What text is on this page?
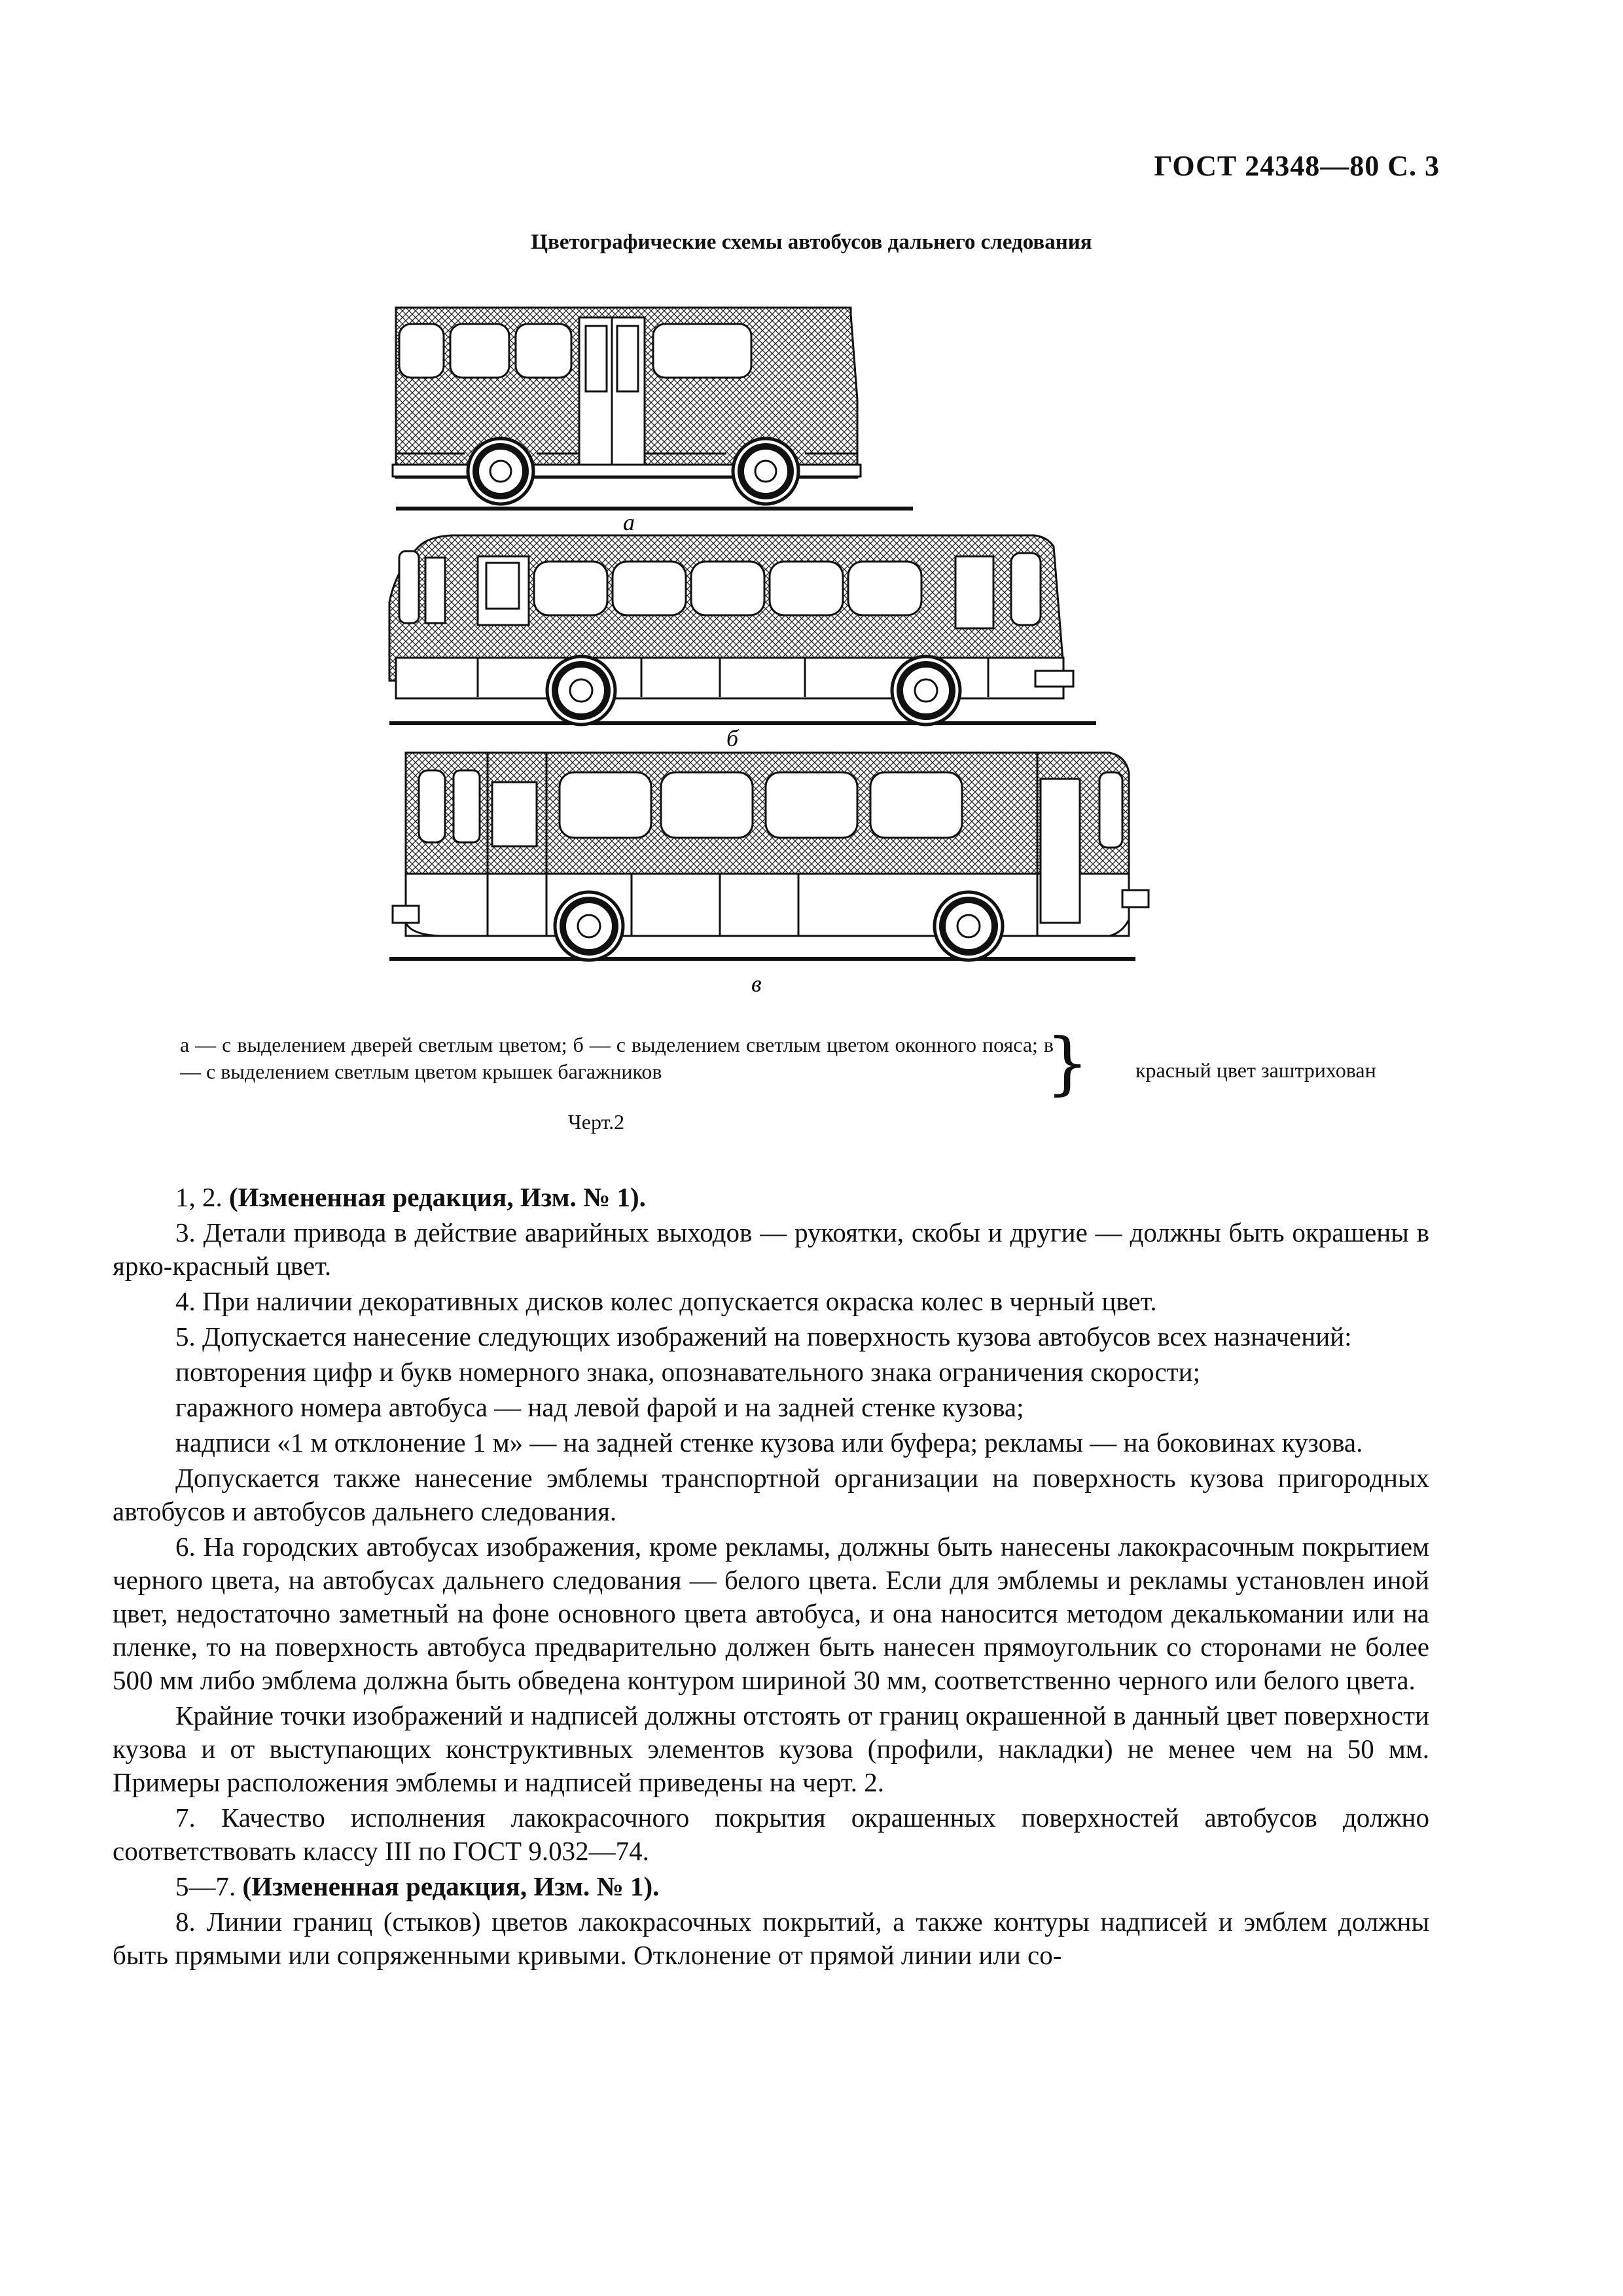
ГОСТ 24348—80 С. 3
Цветографические схемы автобусов дальнего следования
а
б
в
а — с выделением дверей светлым цветом; б — с выделением светлым цветом оконного пояса; в — с выделением светлым цветом крышек багажников	} красный цвет заштрихован
Черт.2

1, 2. (Измененная редакция, Изм. № 1).

3. Детали привода в действие аварийных выходов — рукоятки, скобы и другие — должны быть окрашены в ярко-красный цвет.

4. При наличии декоративных дисков колес допускается окраска колес в черный цвет.

5. Допускается нанесение следующих изображений на поверхность кузова автобусов всех назначений:

повторения цифр и букв номерного знака, опознавательного знака ограничения скорости;

гаражного номера автобуса — над левой фарой и на задней стенке кузова;

надписи «1 м отклонение 1 м» — на задней стенке кузова или буфера; рекламы — на боковинах кузова.

Допускается также нанесение эмблемы транспортной организации на поверхность кузова пригородных автобусов и автобусов дальнего следования.

6. На городских автобусах изображения, кроме рекламы, должны быть нанесены лакокрасочным покрытием черного цвета, на автобусах дальнего следования — белого цвета. Если для эмблемы и рекламы установлен иной цвет, недостаточно заметный на фоне основного цвета автобуса, и она наносится методом декалькомании или на пленке, то на поверхность автобуса предварительно должен быть нанесен прямоугольник со сторонами не более 500 мм либо эмблема должна быть обведена контуром шириной 30 мм, соответственно черного или белого цвета.

Крайние точки изображений и надписей должны отстоять от границ окрашенной в данный цвет поверхности кузова и от выступающих конструктивных элементов кузова (профили, накладки) не менее чем на 50 мм. Примеры расположения эмблемы и надписей приведены на черт. 2.

7. Качество исполнения лакокрасочного покрытия окрашенных поверхностей автобусов должно соответствовать классу III по ГОСТ 9.032—74.

5—7. (Измененная редакция, Изм. № 1).

8. Линии границ (стыков) цветов лакокрасочных покрытий, а также контуры надписей и эмблем должны быть прямыми или сопряженными кривыми. Отклонение от прямой линии или со-
